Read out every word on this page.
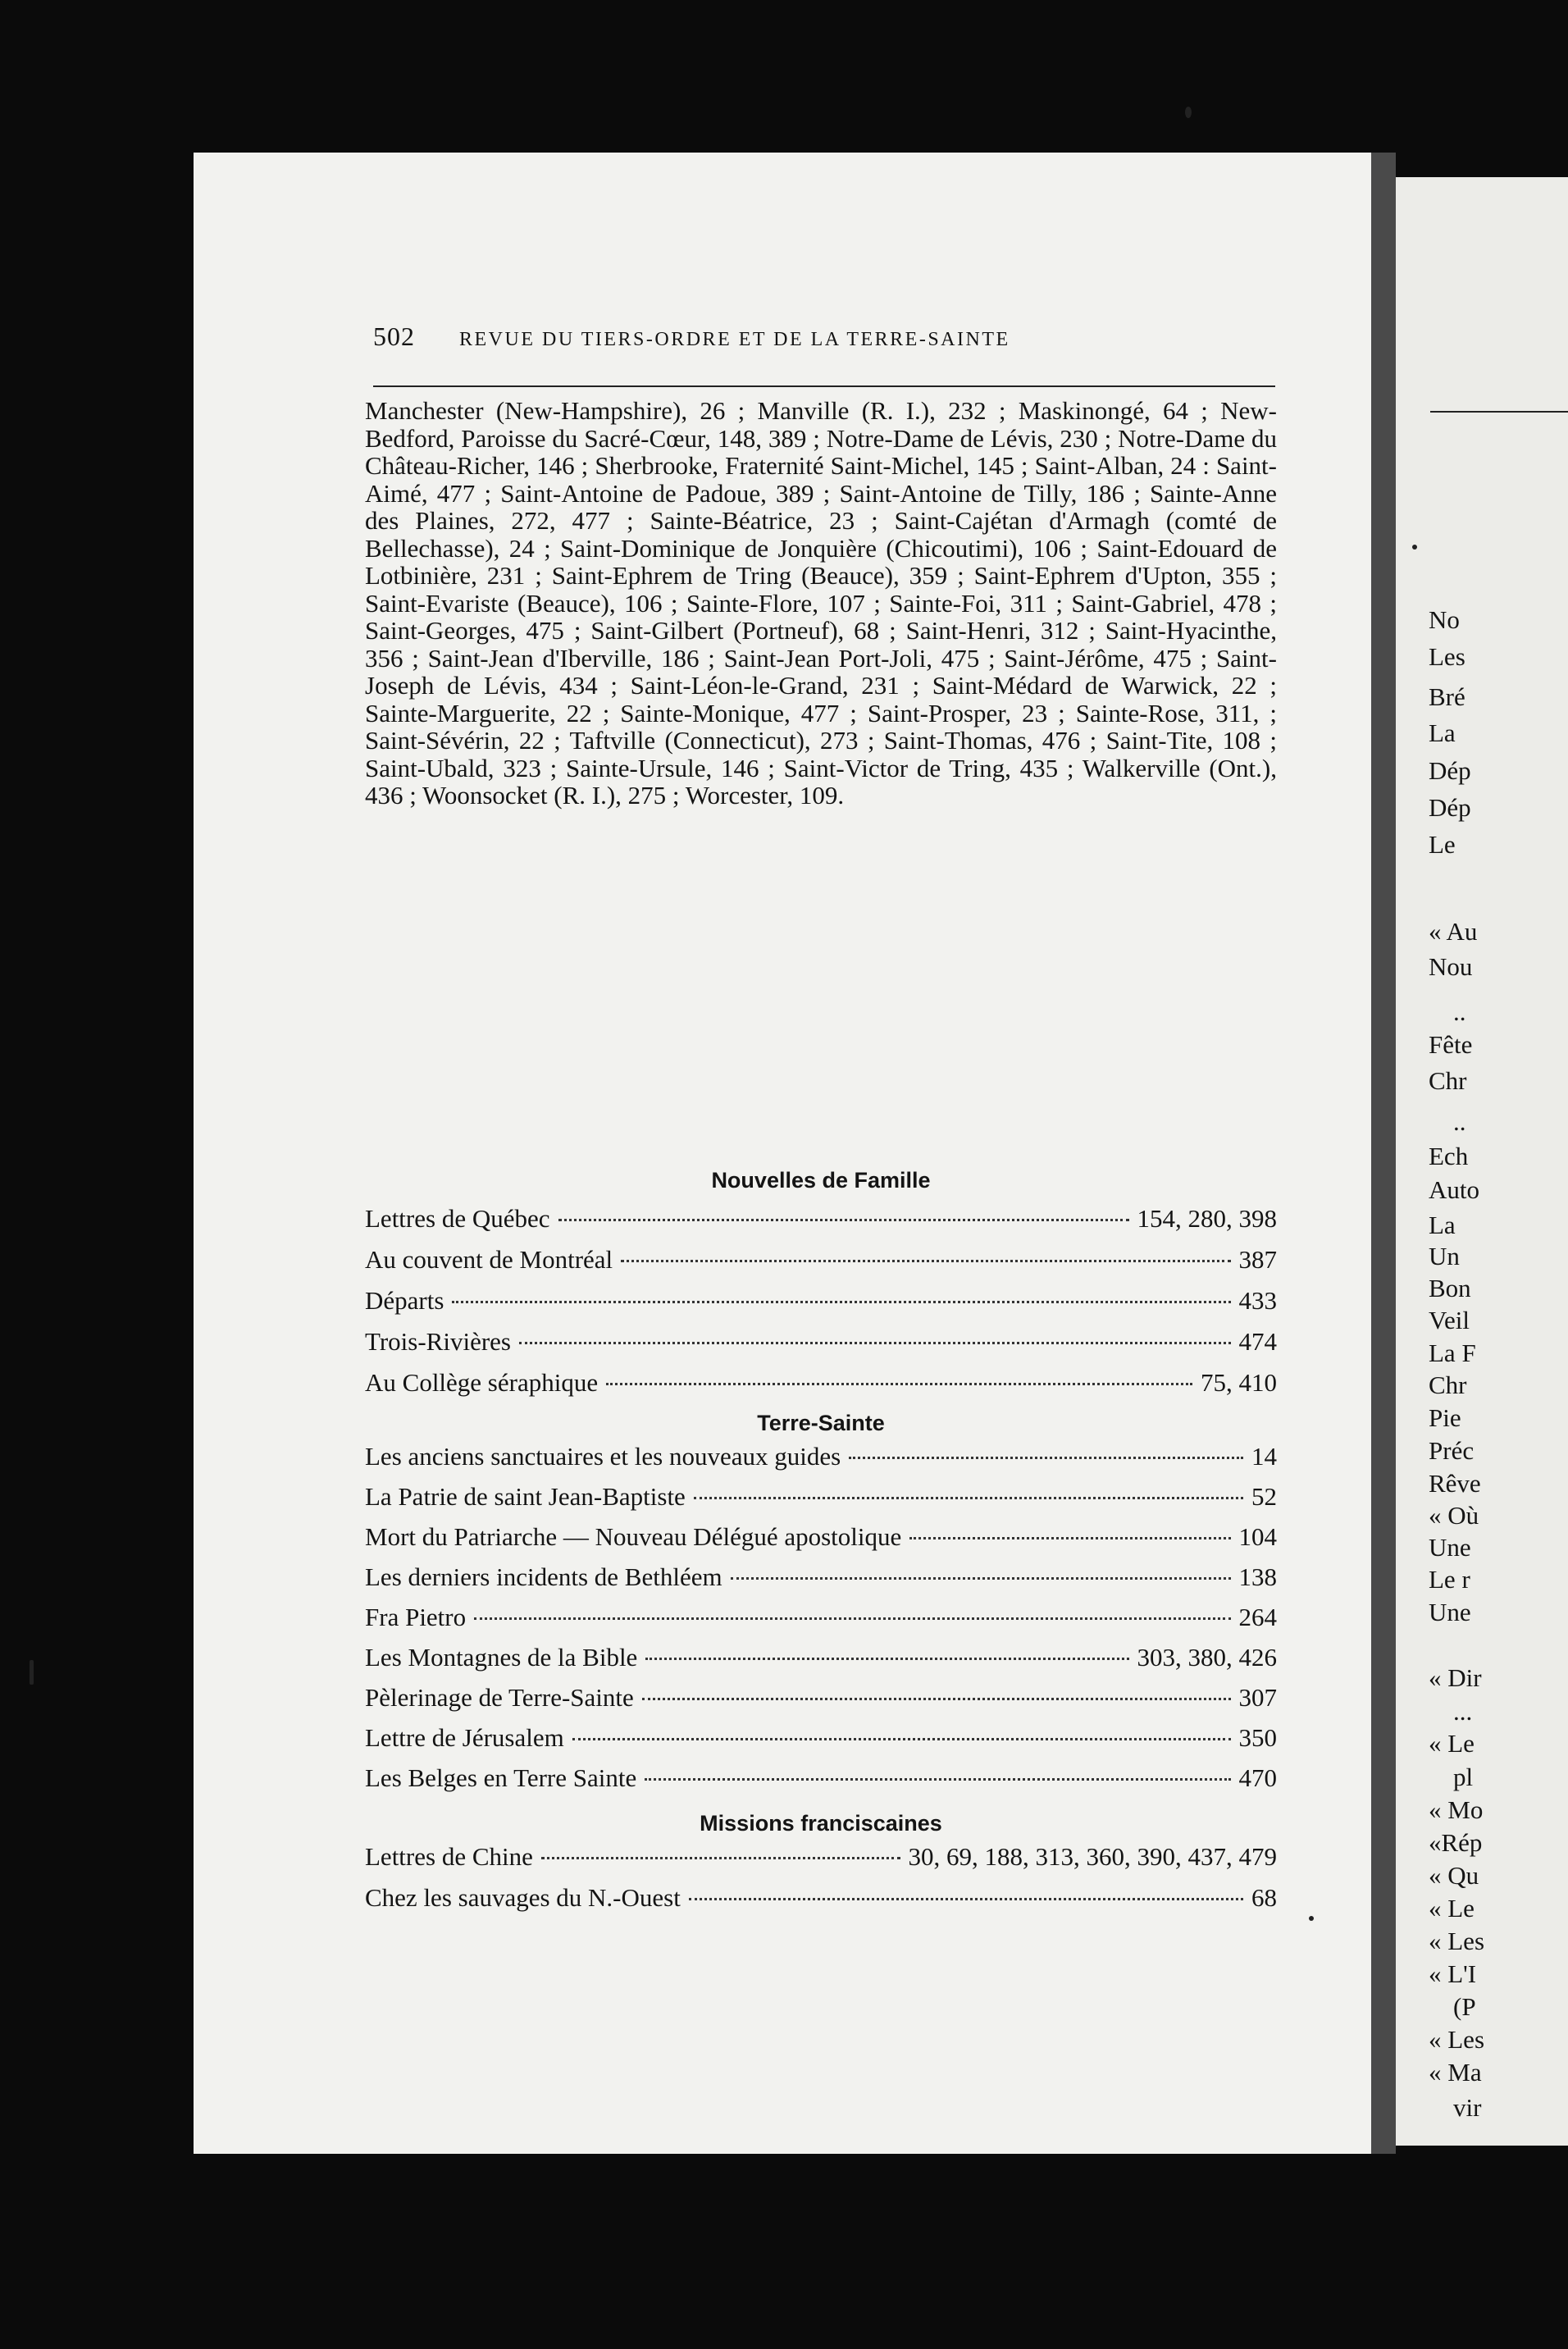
No
Les
Bré
La
Dép
Dép
Le
« Au
Nou
..
Fête
Chr
..
Ech
Auto
La
Un
Bon
Veil
La F
Chr
Pie
Préc
Rêve
« Où
Une
Le r
Une
« Dir
...
« Le
pl
« Mo
«Rép
« Qu
« Le
« Les
« L'I
(P
« Les
« Ma
vir
502 REVUE DU TIERS-ORDRE ET DE LA TERRE-SAINTE
Manchester (New-Hampshire), 26 ; Manville (R. I.), 232 ; Maskinongé, 64 ; New-Bedford, Paroisse du Sacré-Cœur, 148, 389 ; Notre-Dame de Lévis, 230 ; Notre-Dame du Château-Richer, 146 ; Sherbrooke, Fraternité Saint-Michel, 145 ; Saint-Alban, 24 : Saint-Aimé, 477 ; Saint-Antoine de Padoue, 389 ; Saint-Antoine de Tilly, 186 ; Sainte-Anne des Plaines, 272, 477 ; Sainte-Béatrice, 23 ; Saint-Cajétan d'Armagh (comté de Bellechasse), 24 ; Saint-Dominique de Jonquière (Chicoutimi), 106 ; Saint-Edouard de Lotbinière, 231 ; Saint-Ephrem de Tring (Beauce), 359 ; Saint-Ephrem d'Upton, 355 ; Saint-Evariste (Beauce), 106 ; Sainte-Flore, 107 ; Sainte-Foi, 311 ; Saint-Gabriel, 478 ; Saint-Georges, 475 ; Saint-Gilbert (Portneuf), 68 ; Saint-Henri, 312 ; Saint-Hyacinthe, 356 ; Saint-Jean d'Iberville, 186 ; Saint-Jean Port-Joli, 475 ; Saint-Jérôme, 475 ; Saint-Joseph de Lévis, 434 ; Saint-Léon-le-Grand, 231 ; Saint-Médard de Warwick, 22 ; Sainte-Marguerite, 22 ; Sainte-Monique, 477 ; Saint-Prosper, 23 ; Sainte-Rose, 311, ; Saint-Sévérin, 22 ; Taftville (Connecticut), 273 ; Saint-Thomas, 476 ; Saint-Tite, 108 ; Saint-Ubald, 323 ; Sainte-Ursule, 146 ; Saint-Victor de Tring, 435 ; Walkerville (Ont.), 436 ; Woonsocket (R. I.), 275 ; Worcester, 109.
Nouvelles de Famille
Lettres de Québec	154, 280, 398
Au couvent de Montréal	387
Départs	433
Trois-Rivières	474
Au Collège séraphique	75, 410
Terre-Sainte
Les anciens sanctuaires et les nouveaux guides	14
La Patrie de saint Jean-Baptiste	52
Mort du Patriarche — Nouveau Délégué apostolique	104
Les derniers incidents de Bethléem	138
Fra Pietro	264
Les Montagnes de la Bible	303, 380, 426
Pèlerinage de Terre-Sainte	307
Lettre de Jérusalem	350
Les Belges en Terre Sainte	470
Missions franciscaines
Lettres de Chine	30, 69, 188, 313, 360, 390, 437, 479
Chez les sauvages du N.-Ouest	68
